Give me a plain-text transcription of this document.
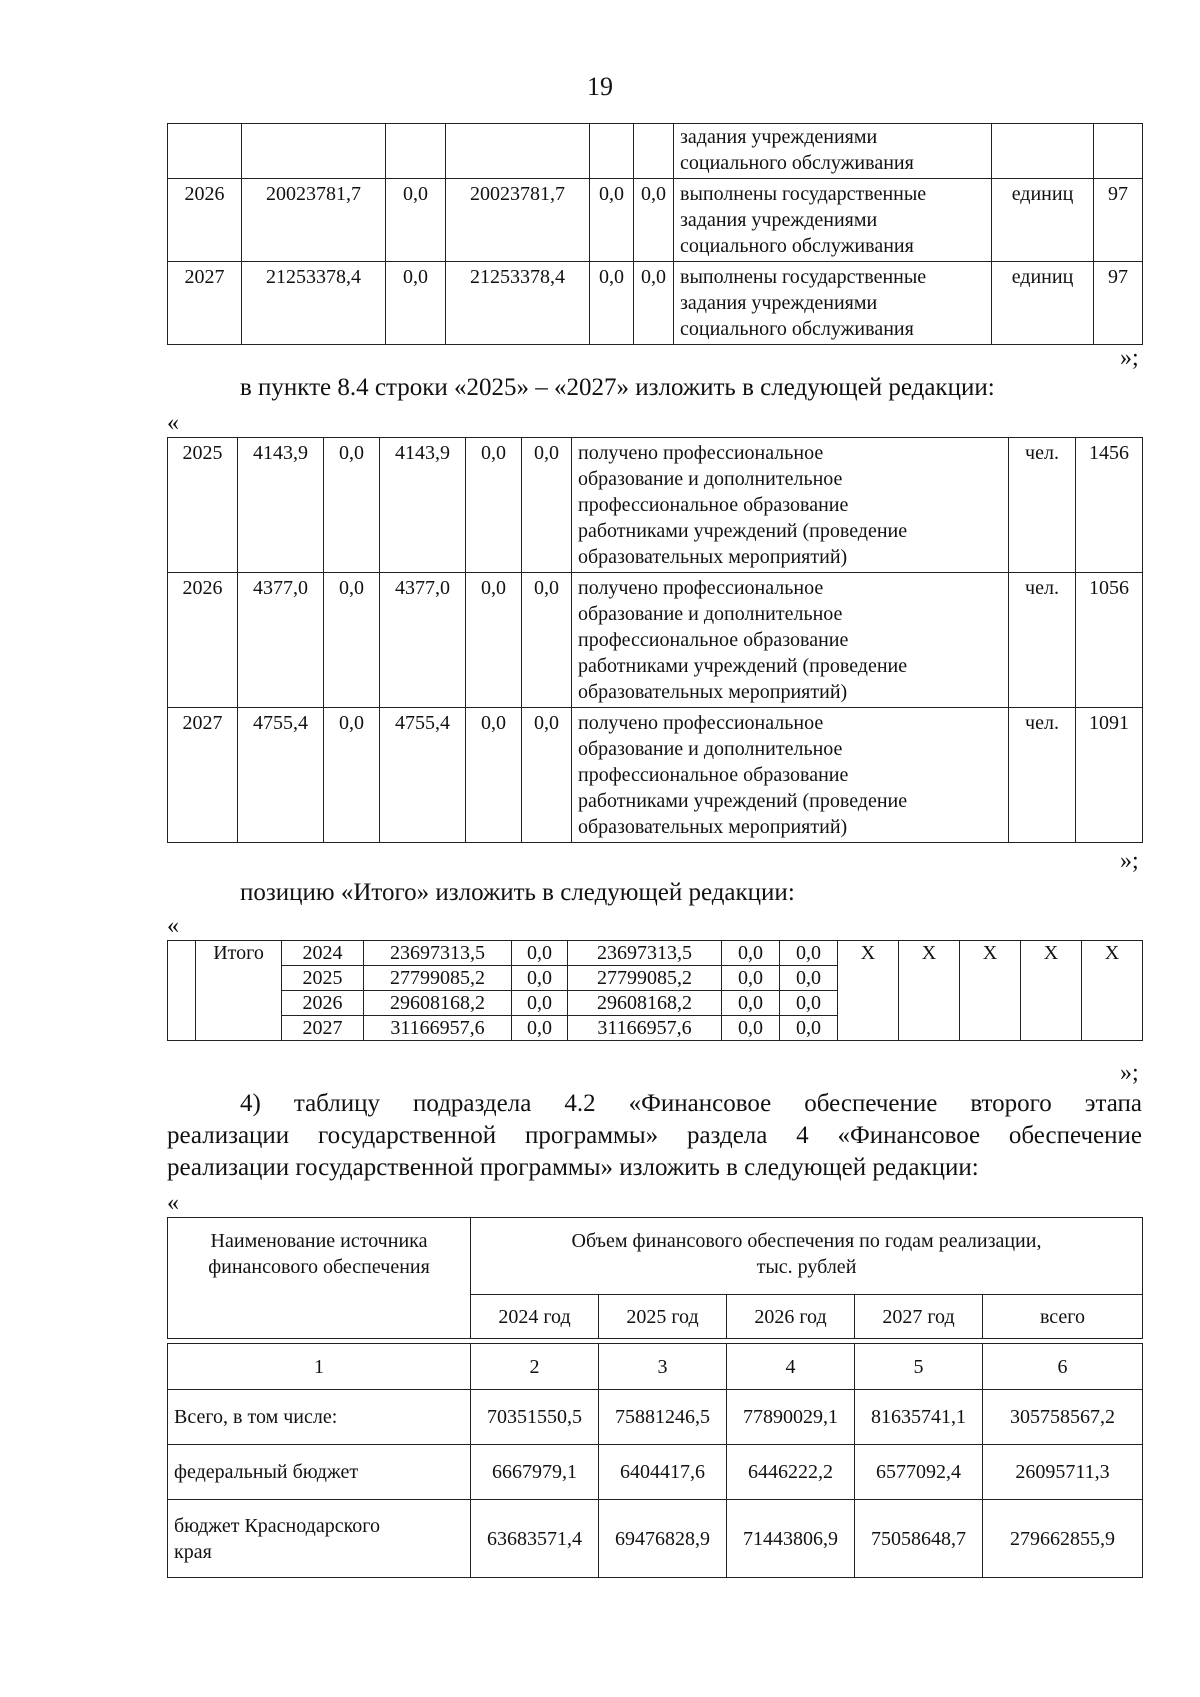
19
						задания учреждениями
социального обслуживания		
2026	20023781,7	0,0	20023781,7	0,0	0,0	выполнены государственные
задания учреждениями
социального обслуживания	единиц	97
2027	21253378,4	0,0	21253378,4	0,0	0,0	выполнены государственные
задания учреждениями
социального обслуживания	единиц	97
»;
в пункте 8.4 строки «2025» – «2027» изложить в следующей редакции:
«
2025	4143,9	0,0	4143,9	0,0	0,0	получено профессиональное
образование и дополнительное
профессиональное образование
работниками учреждений (проведение
образовательных мероприятий)	чел.	1456
2026	4377,0	0,0	4377,0	0,0	0,0	получено профессиональное
образование и дополнительное
профессиональное образование
работниками учреждений (проведение
образовательных мероприятий)	чел.	1056
2027	4755,4	0,0	4755,4	0,0	0,0	получено профессиональное
образование и дополнительное
профессиональное образование
работниками учреждений (проведение
образовательных мероприятий)	чел.	1091
»;
позицию «Итого» изложить в следующей редакции:
«
	Итого	2024	23697313,5	0,0	23697313,5	0,0	0,0	Х	Х	Х	Х	Х
		2025	27799085,2	0,0	27799085,2	0,0	0,0					
		2026	29608168,2	0,0	29608168,2	0,0	0,0					
		2027	31166957,6	0,0	31166957,6	0,0	0,0					
»;
4) таблицу подраздела 4.2 «Финансовое обеспечение второго этапа
реализации государственной программы» раздела 4 «Финансовое обеспечение
реализации государственной программы» изложить в следующей редакции:
«
Наименование источника
финансового обеспечения	Объем финансового обеспечения по годам реализации,
тыс. рублей				
	2024 год	2025 год	2026 год	2027 год	всего

1	2	3	4	5	6
Всего, в том числе:	70351550,5	75881246,5	77890029,1	81635741,1	305758567,2
федеральный бюджет	6667979,1	6404417,6	6446222,2	6577092,4	26095711,3
бюджет Краснодарского
края	63683571,4	69476828,9	71443806,9	75058648,7	279662855,9
